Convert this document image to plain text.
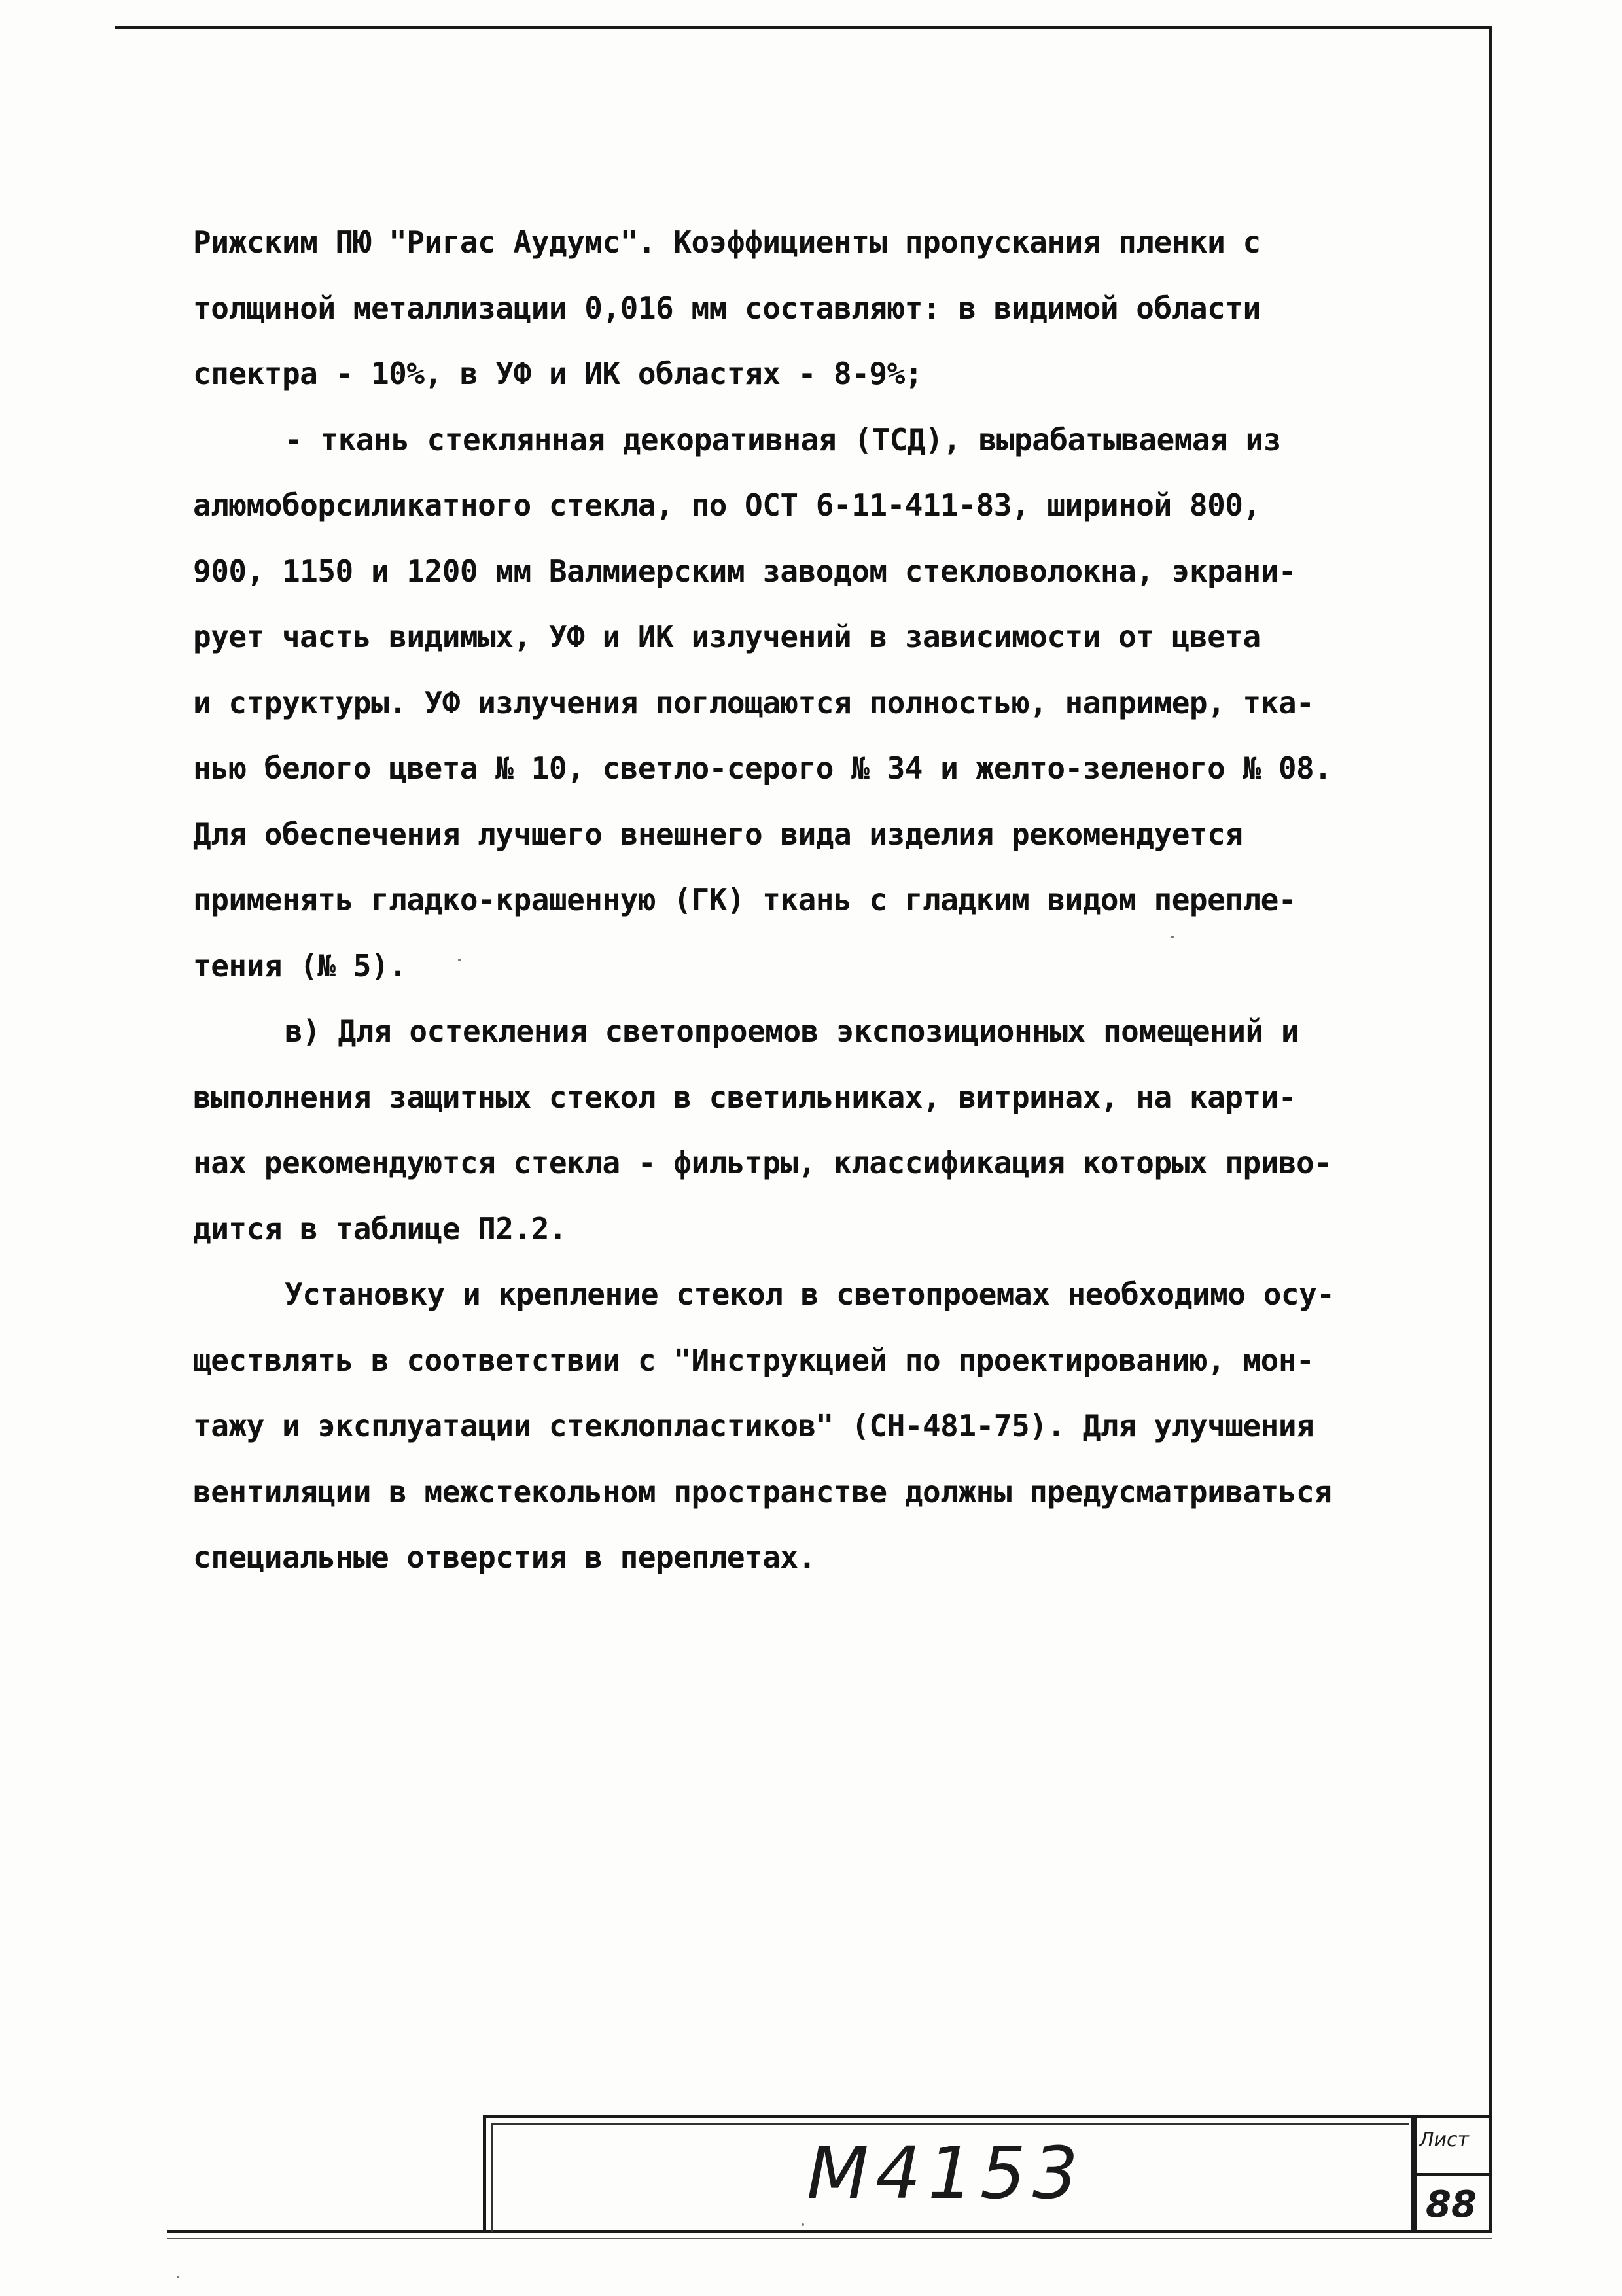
Рижским ПЮ "Ригас Аудумс". Коэффициенты пропускания пленки с
толщиной металлизации 0,016 мм составляют: в видимой области
спектра - 10%, в УФ и ИК областях - 8-9%;
- ткань стеклянная декоративная (ТСД), вырабатываемая из
алюмоборсиликатного стекла, по ОСТ 6-11-411-83, шириной 800,
900, 1150 и 1200 мм Валмиерским заводом стекловолокна, экрани-
рует часть видимых, УФ и ИК излучений в зависимости от цвета
и структуры. УФ излучения поглощаются полностью, например, тка-
нью белого цвета № 10, светло-серого № 34 и желто-зеленого № 08.
Для обеспечения лучшего внешнего вида изделия рекомендуется
применять гладко-крашенную (ГК) ткань с гладким видом перепле-
тения (№ 5).
в) Для остекления светопроемов экспозиционных помещений и
выполнения защитных стекол в светильниках, витринах, на карти-
нах рекомендуются стекла - фильтры, классификация которых приво-
дится в таблице П2.2.
Установку и крепление стекол в светопроемах необходимо осу-
ществлять в соответствии с "Инструкцией по проектированию, мон-
тажу и эксплуатации стеклопластиков" (СН-481-75). Для улучшения
вентиляции в межстекольном пространстве должны предусматриваться
специальные отверстия в переплетах.
М4153	Лист
88
